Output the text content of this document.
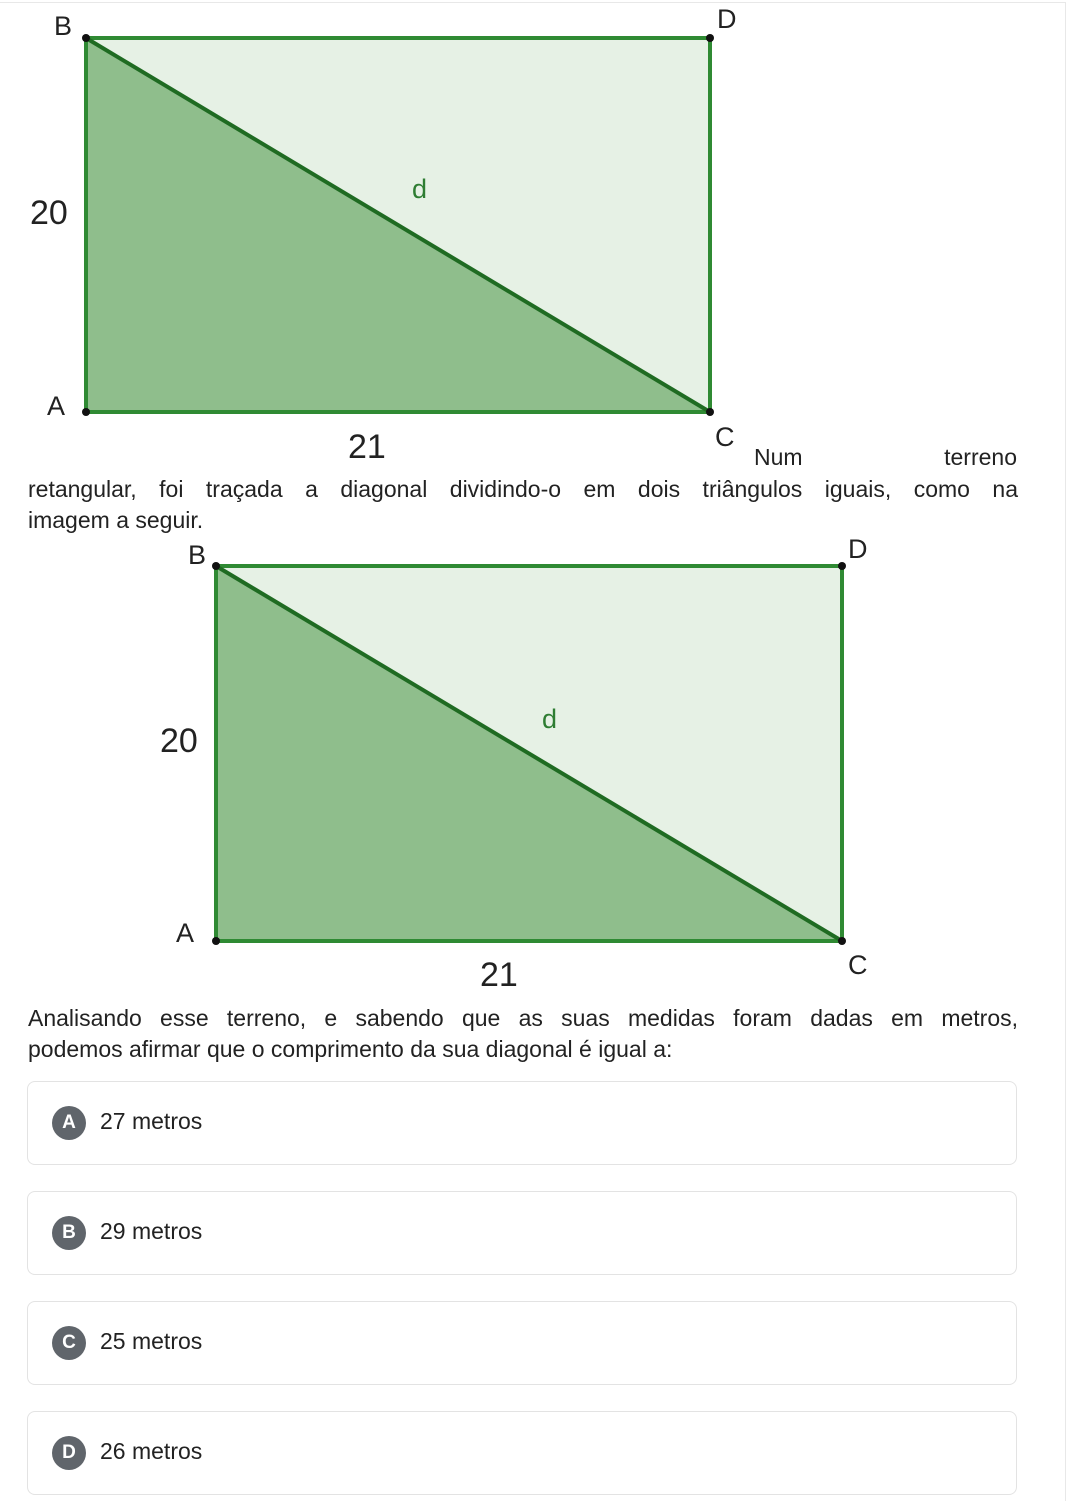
B	D
A
C
20
21
d
Num	terreno
retangular, foi traçada a diagonal dividindo-o em dois triângulos iguais, como na
imagem a seguir.
B	D
A
C
20
21
d
Analisando esse terreno, e sabendo que as suas medidas foram dadas em metros,
podemos afirmar que o comprimento da sua diagonal é igual a:
A	27 metros
B	29 metros
C	25 metros
D	26 metros
